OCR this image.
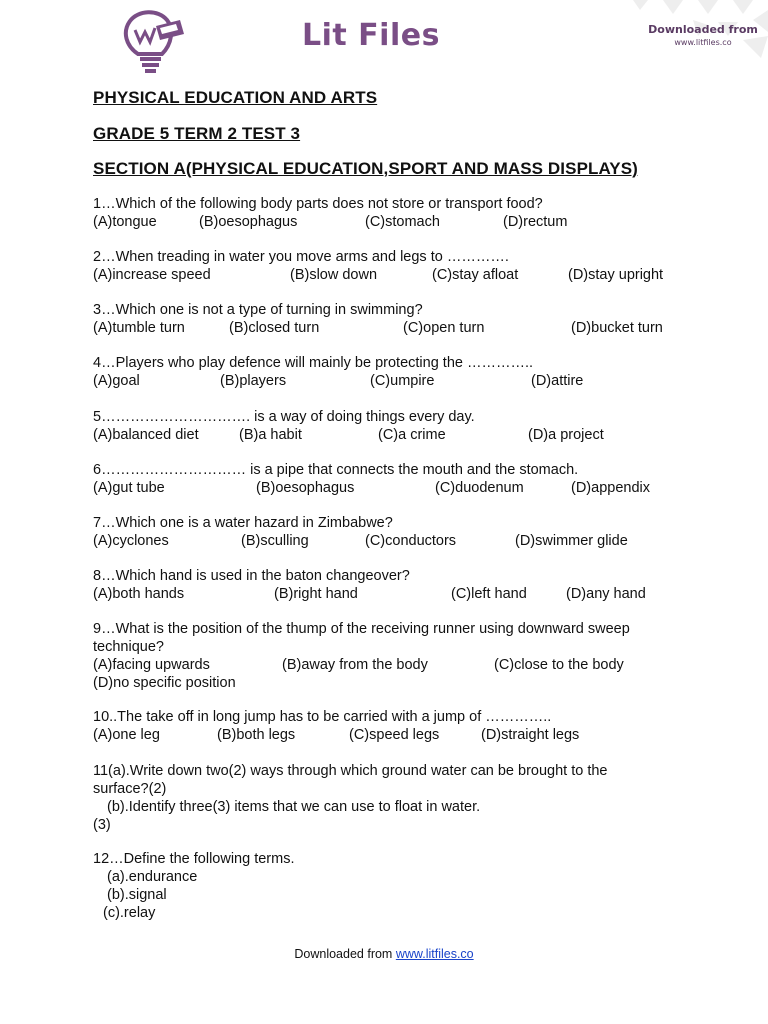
Downloaded from
www.litfiles.co
Lit Files
PHYSICAL EDUCATION AND ARTS
GRADE 5 TERM 2 TEST 3
SECTION A(PHYSICAL EDUCATION,SPORT AND MASS DISPLAYS)
1…Which of the following body parts does not store or transport food?
(A)tongue	(B)oesophagus	(C)stomach	(D)rectum
2…When treading in water you move arms and legs to ………….
(A)increase speed	(B)slow down	(C)stay afloat	(D)stay upright
3…Which one is not a type of turning in swimming?
(A)tumble turn	(B)closed turn	(C)open turn	(D)bucket turn
4…Players who play defence will mainly be protecting the …………..
(A)goal	(B)players	(C)umpire	(D)attire
5…………………………. is a way of doing things every day.
(A)balanced diet	(B)a habit	(C)a crime	(D)a project
6………………………… is a pipe that connects the mouth and the stomach.
(A)gut tube	(B)oesophagus	(C)duodenum	(D)appendix
7…Which one is a water hazard in Zimbabwe?
(A)cyclones	(B)sculling	(C)conductors	(D)swimmer glide
8…Which hand is used in the baton changeover?
(A)both hands	(B)right hand	(C)left hand	(D)any hand
9…What is the position of the thump of the receiving runner using downward sweep
technique?
(A)facing upwards	(B)away from the body	(C)close to the body
(D)no specific position
10..The take off in long jump has to be carried with a jump of …………..
(A)one leg	(B)both legs	(C)speed legs	(D)straight legs
11(a).Write down two(2) ways through which ground water can be brought to the
surface?(2)
(b).Identify three(3) items that we can use to float in water.
(3)
12…Define the following terms.
(a).endurance
(b).signal
(c).relay
Downloaded from www.litfiles.co
